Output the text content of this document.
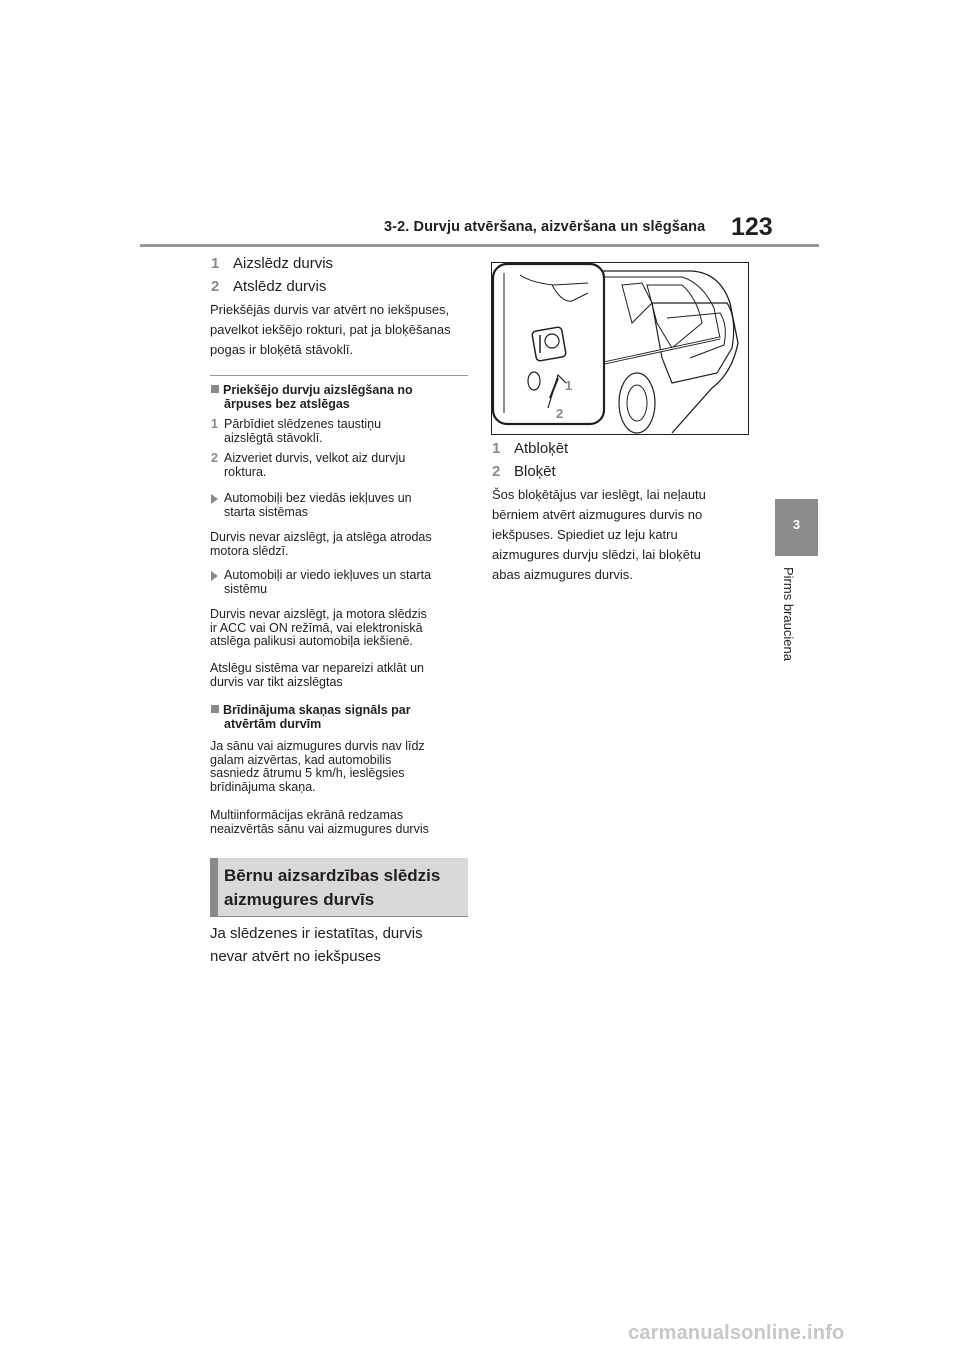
3-2. Durvju atvēršana, aizvēršana un slēgšana 123
3
Pirms brauciena
1 Aizslēdz durvis
2 Atslēdz durvis
Priekšējās durvis var atvērt no iekšpuses, pavelkot iekšējo rokturi, pat ja bloķēšanas pogas ir bloķētā stāvoklī.
Priekšējo durvju aizslēgšana no
ārpuses bez atslēgas
1 Pārbīdiet slēdzenes taustiņu
aizslēgtā stāvoklī.
2 Aizveriet durvis, velkot aiz durvju
roktura.
Automobiļi bez viedās iekļuves un
starta sistēmas
Durvis nevar aizslēgt, ja atslēga atrodas
motora slēdzī.
Automobiļi ar viedo iekļuves un starta
sistēmu
Durvis nevar aizslēgt, ja motora slēdzis
ir ACC vai ON režīmā, vai elektroniskā
atslēga palikusi automobiļa iekšienē.
Atslēgu sistēma var nepareizi atklāt un
durvis var tikt aizslēgtas
Brīdinājuma skaņas signāls par
atvērtām durvīm
Ja sānu vai aizmugures durvis nav līdz
galam aizvērtas, kad automobilis
sasniedz ātrumu 5 km/h, ieslēgsies
brīdinājuma skaņa.
Multiinformācijas ekrānā redzamas
neaizvērtās sānu vai aizmugures durvis
Bērnu aizsardzības slēdzis
aizmugures durvīs
Ja slēdzenes ir iestatītas, durvis
nevar atvērt no iekšpuses
1
2
1 Atbloķēt
2 Bloķēt
Šos bloķētājus var ieslēgt, lai neļautu
bērniem atvērt aizmugures durvis no
iekšpuses. Spiediet uz leju katru
aizmugures durvju slēdzi, lai bloķētu
abas aizmugures durvis.
carmanualsonline.info
